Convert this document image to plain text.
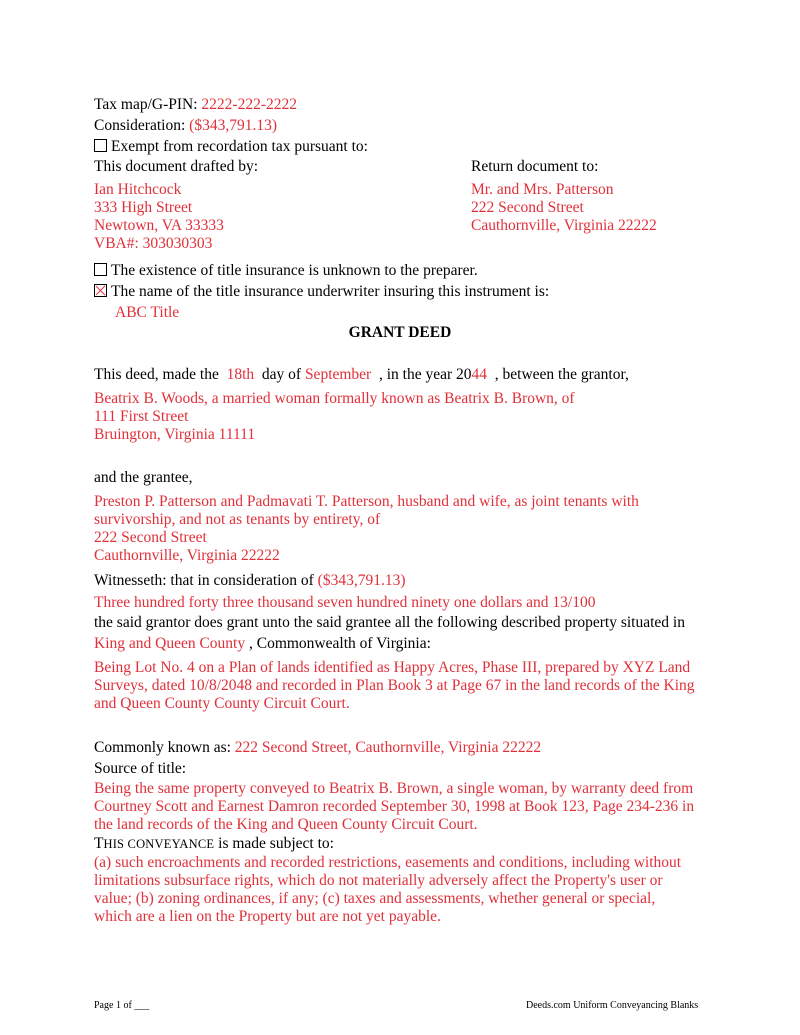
Tax map/G-PIN: 2222-222-2222
Consideration: ($343,791.13)
Exempt from recordation tax pursuant to:
This document drafted by:	Return document to:
Ian Hitchcock
333 High Street
Newtown, VA 33333
VBA#: 303030303
Mr. and Mrs. Patterson
222 Second Street
Cauthornville, Virginia 22222
The existence of title insurance is unknown to the preparer.
The name of the title insurance underwriter insuring this instrument is:
ABC Title
GRANT DEED
This deed, made the 18th day of September , in the year 2044 , between the grantor,
Beatrix B. Woods, a married woman formally known as Beatrix B. Brown, of
111 First Street
Bruington, Virginia 11111
and the grantee,
Preston P. Patterson and Padmavati T. Patterson, husband and wife, as joint tenants with
survivorship, and not as tenants by entirety, of
222 Second Street
Cauthornville, Virginia 22222
Witnesseth: that in consideration of ($343,791.13)
Three hundred forty three thousand seven hundred ninety one dollars and 13/100
the said grantor does grant unto the said grantee all the following described property situated in
King and Queen County , Commonwealth of Virginia:
Being Lot No. 4 on a Plan of lands identified as Happy Acres, Phase III, prepared by XYZ Land
Surveys, dated 10/8/2048 and recorded in Plan Book 3 at Page 67 in the land records of the King
and Queen County County Circuit Court.
Commonly known as: 222 Second Street, Cauthornville, Virginia 22222
Source of title:
Being the same property conveyed to Beatrix B. Brown, a single woman, by warranty deed from
Courtney Scott and Earnest Damron recorded September 30, 1998 at Book 123, Page 234-236 in
the land records of the King and Queen County Circuit Court.
THIS CONVEYANCE is made subject to:
(a) such encroachments and recorded restrictions, easements and conditions, including without
limitations subsurface rights, which do not materially adversely affect the Property's user or
value; (b) zoning ordinances, if any; (c) taxes and assessments, whether general or special,
which are a lien on the Property but are not yet payable.
Page 1 of ___	Deeds.com Uniform Conveyancing Blanks
